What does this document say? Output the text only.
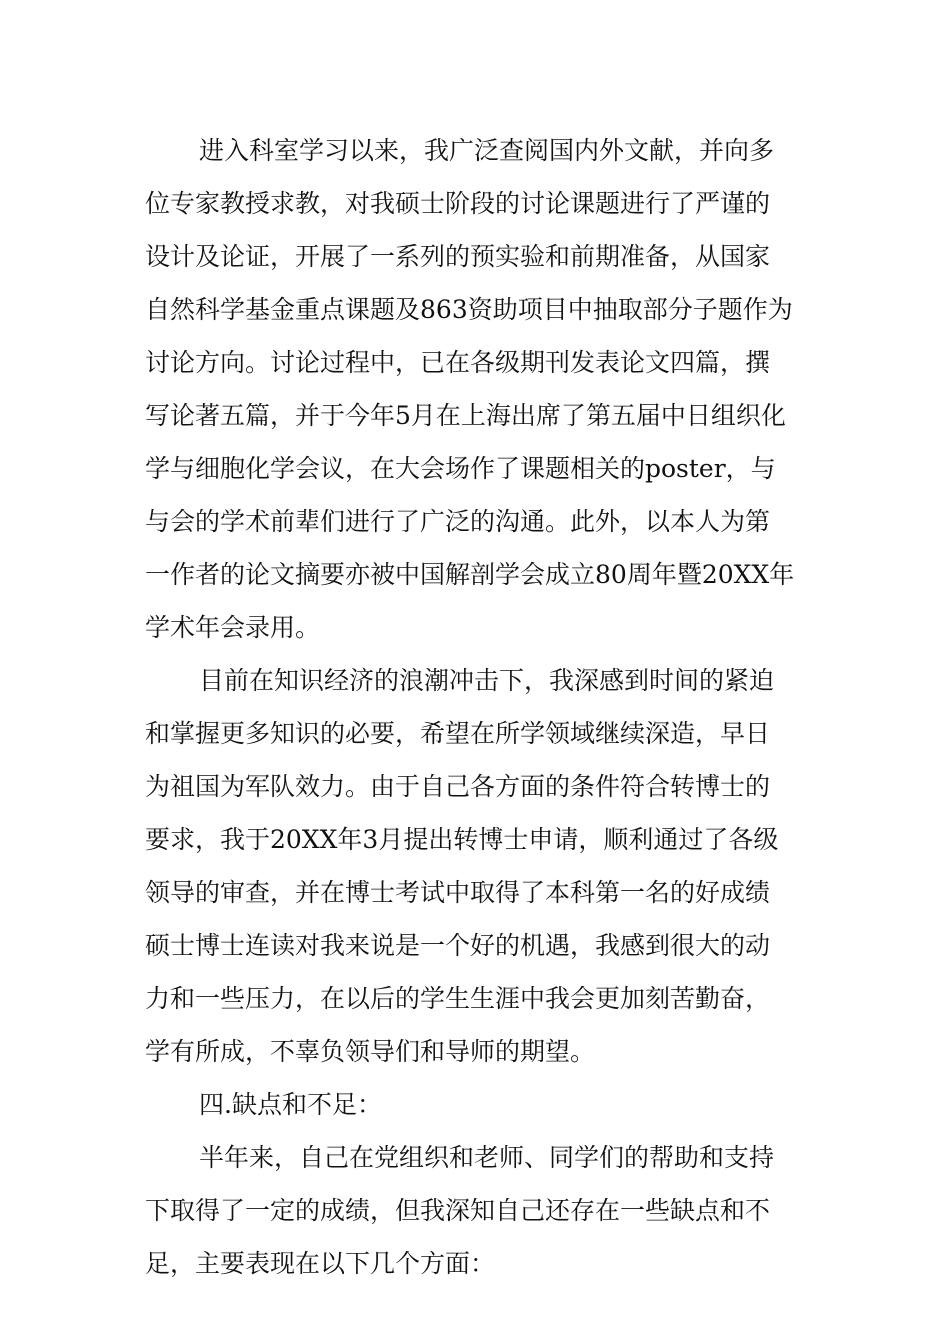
进入科室学习以来，我广泛查阅国内外文献，并向多
位专家教授求教，对我硕士阶段的讨论课题进行了严谨的
设计及论证，开展了一系列的预实验和前期准备，从国家
自然科学基金重点课题及863资助项目中抽取部分子题作为
讨论方向。讨论过程中，已在各级期刊发表论文四篇，撰
写论著五篇，并于今年5月在上海出席了第五届中日组织化
学与细胞化学会议，在大会场作了课题相关的poster，与
与会的学术前辈们进行了广泛的沟通。此外，以本人为第
一作者的论文摘要亦被中国解剖学会成立80周年暨20XX年
学术年会录用。
目前在知识经济的浪潮冲击下，我深感到时间的紧迫
和掌握更多知识的必要，希望在所学领域继续深造，早日
为祖国为军队效力。由于自己各方面的条件符合转博士的
要求，我于20XX年3月提出转博士申请，顺利通过了各级
领导的审查，并在博士考试中取得了本科第一名的好成绩
硕士博士连读对我来说是一个好的机遇，我感到很大的动
力和一些压力，在以后的学生生涯中我会更加刻苦勤奋，
学有所成，不辜负领导们和导师的期望。
四.缺点和不足：
半年来，自己在党组织和老师、同学们的帮助和支持
下取得了一定的成绩，但我深知自己还存在一些缺点和不
足，主要表现在以下几个方面：
